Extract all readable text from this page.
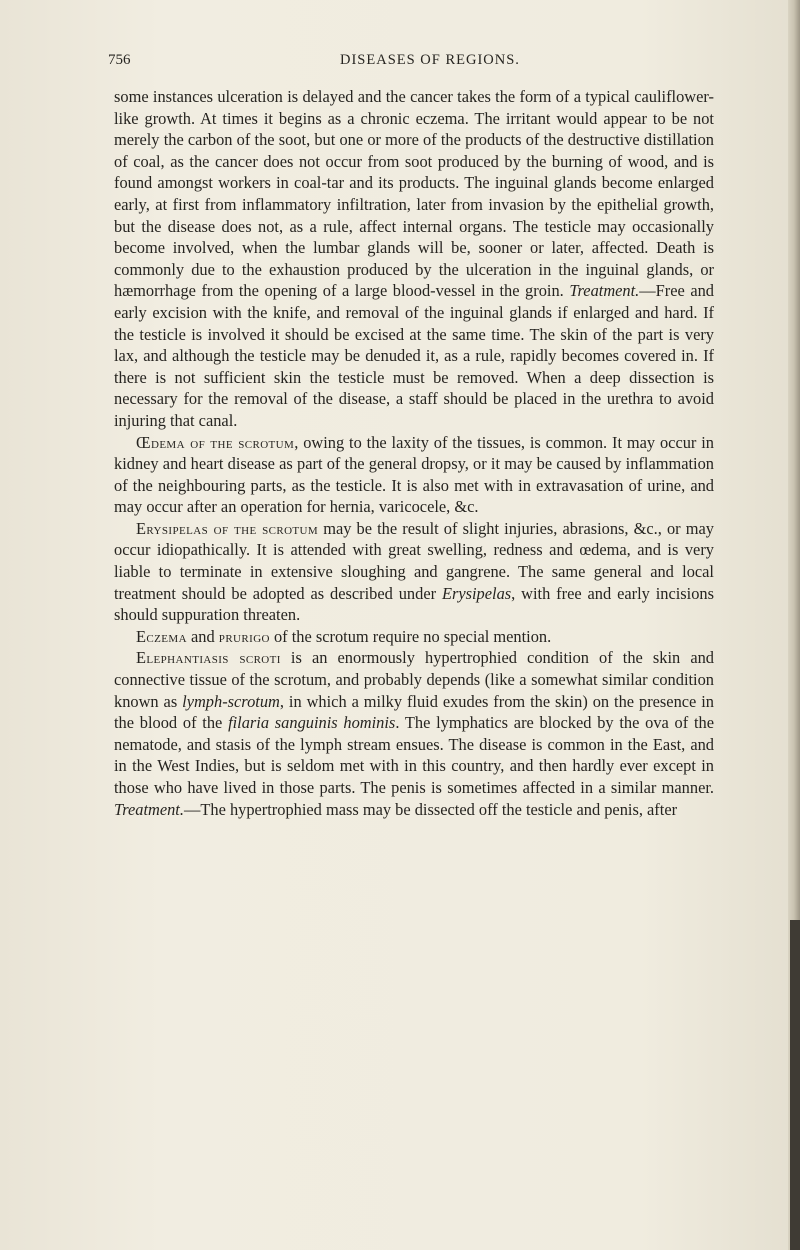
756	DISEASES OF REGIONS.

some instances ulceration is delayed and the cancer takes the form of a typical cauliflower-like growth. At times it begins as a chronic eczema. The irritant would appear to be not merely the carbon of the soot, but one or more of the products of the destructive distillation of coal, as the cancer does not occur from soot produced by the burning of wood, and is found amongst workers in coal-tar and its products. The inguinal glands become enlarged early, at first from inflammatory infiltration, later from invasion by the epithelial growth, but the disease does not, as a rule, affect internal organs. The testicle may occasionally become involved, when the lumbar glands will be, sooner or later, affected. Death is commonly due to the exhaustion produced by the ulceration in the inguinal glands, or hæmorrhage from the opening of a large blood-vessel in the groin. Treatment.—Free and early excision with the knife, and removal of the inguinal glands if enlarged and hard. If the testicle is involved it should be excised at the same time. The skin of the part is very lax, and although the testicle may be denuded it, as a rule, rapidly becomes covered in. If there is not sufficient skin the testicle must be removed. When a deep dissection is necessary for the removal of the disease, a staff should be placed in the urethra to avoid injuring that canal.

Œdema of the scrotum, owing to the laxity of the tissues, is common. It may occur in kidney and heart disease as part of the general dropsy, or it may be caused by inflammation of the neighbouring parts, as the testicle. It is also met with in extravasation of urine, and may occur after an operation for hernia, varicocele, &c.

Erysipelas of the scrotum may be the result of slight injuries, abrasions, &c., or may occur idiopathically. It is attended with great swelling, redness and œdema, and is very liable to terminate in extensive sloughing and gangrene. The same general and local treatment should be adopted as described under Erysipelas, with free and early incisions should suppuration threaten.

Eczema and prurigo of the scrotum require no special mention.

Elephantiasis scroti is an enormously hypertrophied condition of the skin and connective tissue of the scrotum, and probably depends (like a somewhat similar condition known as lymph-scrotum, in which a milky fluid exudes from the skin) on the presence in the blood of the filaria sanguinis hominis. The lymphatics are blocked by the ova of the nematode, and stasis of the lymph stream ensues. The disease is common in the East, and in the West Indies, but is seldom met with in this country, and then hardly ever except in those who have lived in those parts. The penis is sometimes affected in a similar manner. Treatment.—The hypertrophied mass may be dissected off the testicle and penis, after
